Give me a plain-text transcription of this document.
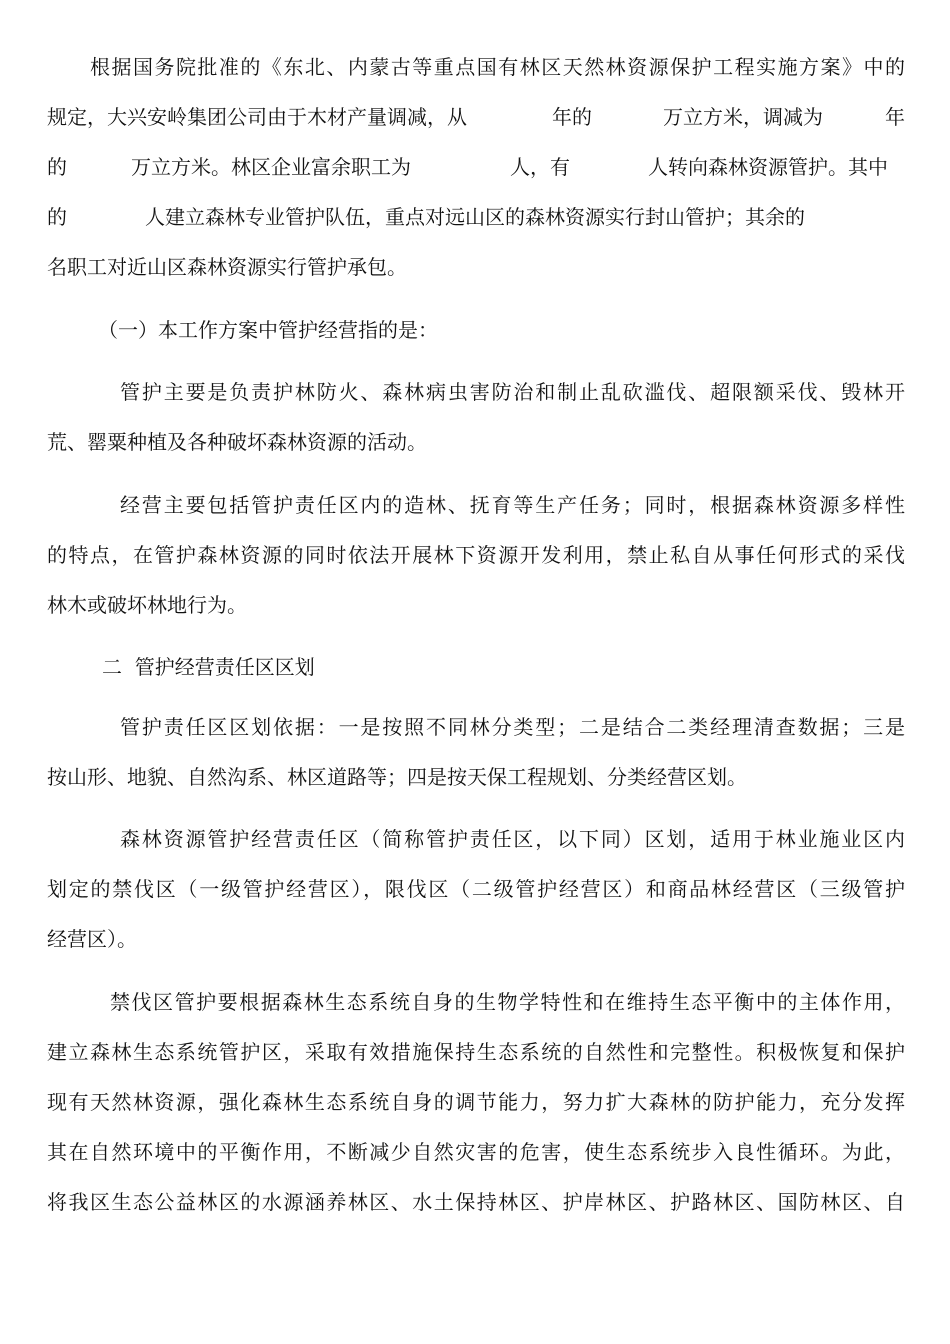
根据国务院批准的《东北、内蒙古等重点国有林区天然林资源保护工程实施方案》中的

规定，大兴安岭集团公司由于木材产量调减，从	年的	万立方米，调减为	年

的	万立方米。林区企业富余职工为	人，有	人转向森林资源管护。其中

的	人建立森林专业管护队伍，重点对远山区的森林资源实行封山管护；其余的

名职工对近山区森林资源实行管护承包。

（一）本工作方案中管护经营指的是：

管护主要是负责护林防火、森林病虫害防治和制止乱砍滥伐、超限额采伐、毁林开

荒、罂粟种植及各种破坏森林资源的活动。

经营主要包括管护责任区内的造林、抚育等生产任务；同时，根据森林资源多样性

的特点，在管护森林资源的同时依法开展林下资源开发利用，禁止私自从事任何形式的采伐

林木或破坏林地行为。

二  管护经营责任区区划

管护责任区区划依据：一是按照不同林分类型；二是结合二类经理清查数据；三是

按山形、地貌、自然沟系、林区道路等；四是按天保工程规划、分类经营区划。

森林资源管护经营责任区（简称管护责任区，以下同）区划，适用于林业施业区内

划定的禁伐区（一级管护经营区），限伐区（二级管护经营区）和商品林经营区（三级管护

经营区）。

禁伐区管护要根据森林生态系统自身的生物学特性和在维持生态平衡中的主体作用，

建立森林生态系统管护区，采取有效措施保持生态系统的自然性和完整性。积极恢复和保护

现有天然林资源，强化森林生态系统自身的调节能力，努力扩大森林的防护能力，充分发挥

其在自然环境中的平衡作用，不断减少自然灾害的危害，使生态系统步入良性循环。为此，

将我区生态公益林区的水源涵养林区、水土保持林区、护岸林区、护路林区、国防林区、自
